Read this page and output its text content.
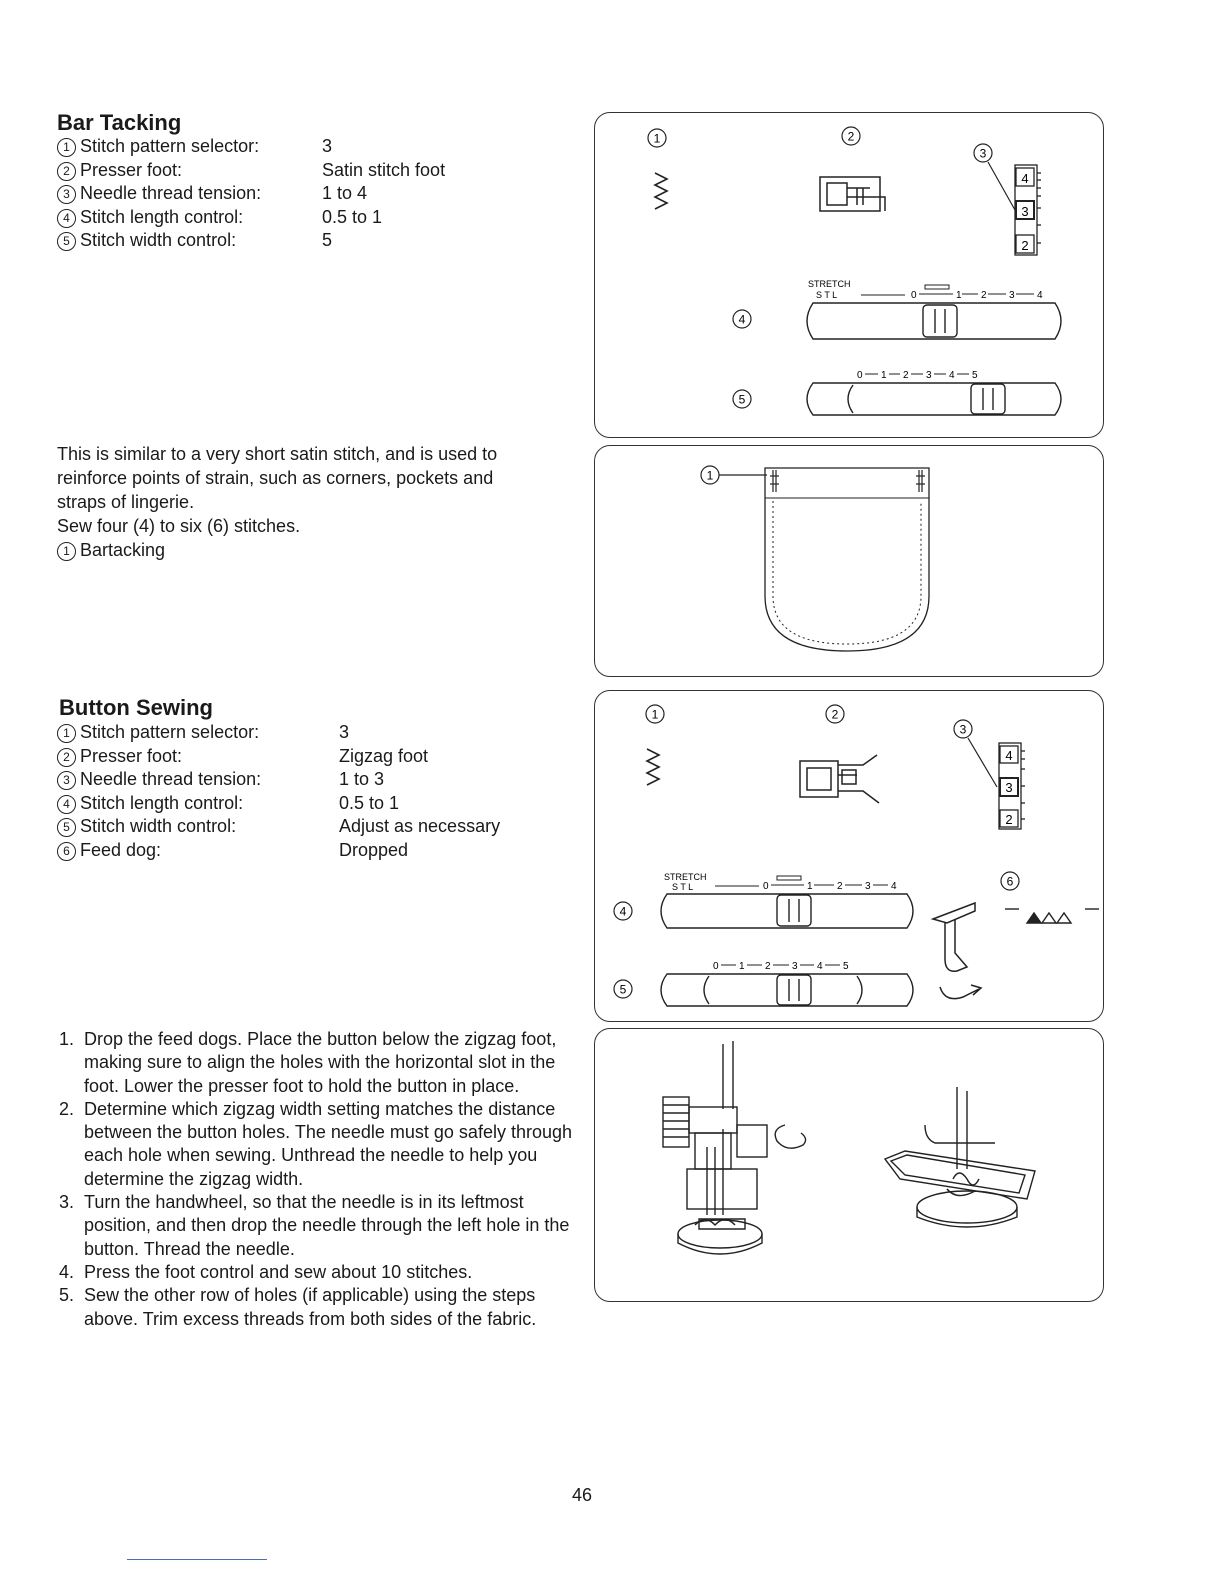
Bar Tacking
1 Stitch pattern selector:	3
2 Presser foot:	Satin stitch foot
3 Needle thread tension:	1 to 4
4 Stitch length control:	0.5 to 1
5 Stitch width control:	5
This is similar to a very short satin stitch, and is used to
reinforce points of strain, such as corners, pockets and
straps of lingerie.
Sew four (4) to six (6) stitches.
1 Bartacking
Button Sewing
1 Stitch pattern selector:	3
2 Presser foot:	Zigzag foot
3 Needle thread tension:	1 to 3
4 Stitch length control:	0.5 to 1
5 Stitch width control:	Adjust as necessary
6 Feed dog:	Dropped
1. Drop the feed dogs. Place the button below the zigzag foot, making sure to align the holes with the horizontal slot in the foot. Lower the presser foot to hold the button in place.
2. Determine which zigzag width setting matches the distance between the button holes. The needle must go safely through each hole when sewing. Unthread the needle to help you determine the zigzag width.
3. Turn the handwheel, so that the needle is in its leftmost position, and then drop the needle through the left hole in the button. Thread the needle.
4. Press the foot control and sew about 10 stitches.
5. Sew the other row of holes (if applicable) using the steps above. Trim excess threads from both sides of the fabric.
1	2
3
4
3
2
STRETCH
S T L	0	1 2 3 4
4
0 1 2 3 4 5
5
1
1	2
3
4
3
2
STRETCH
S T L	0	1 2 3 4
4
0 1 2 3 4 5
5
6
46
